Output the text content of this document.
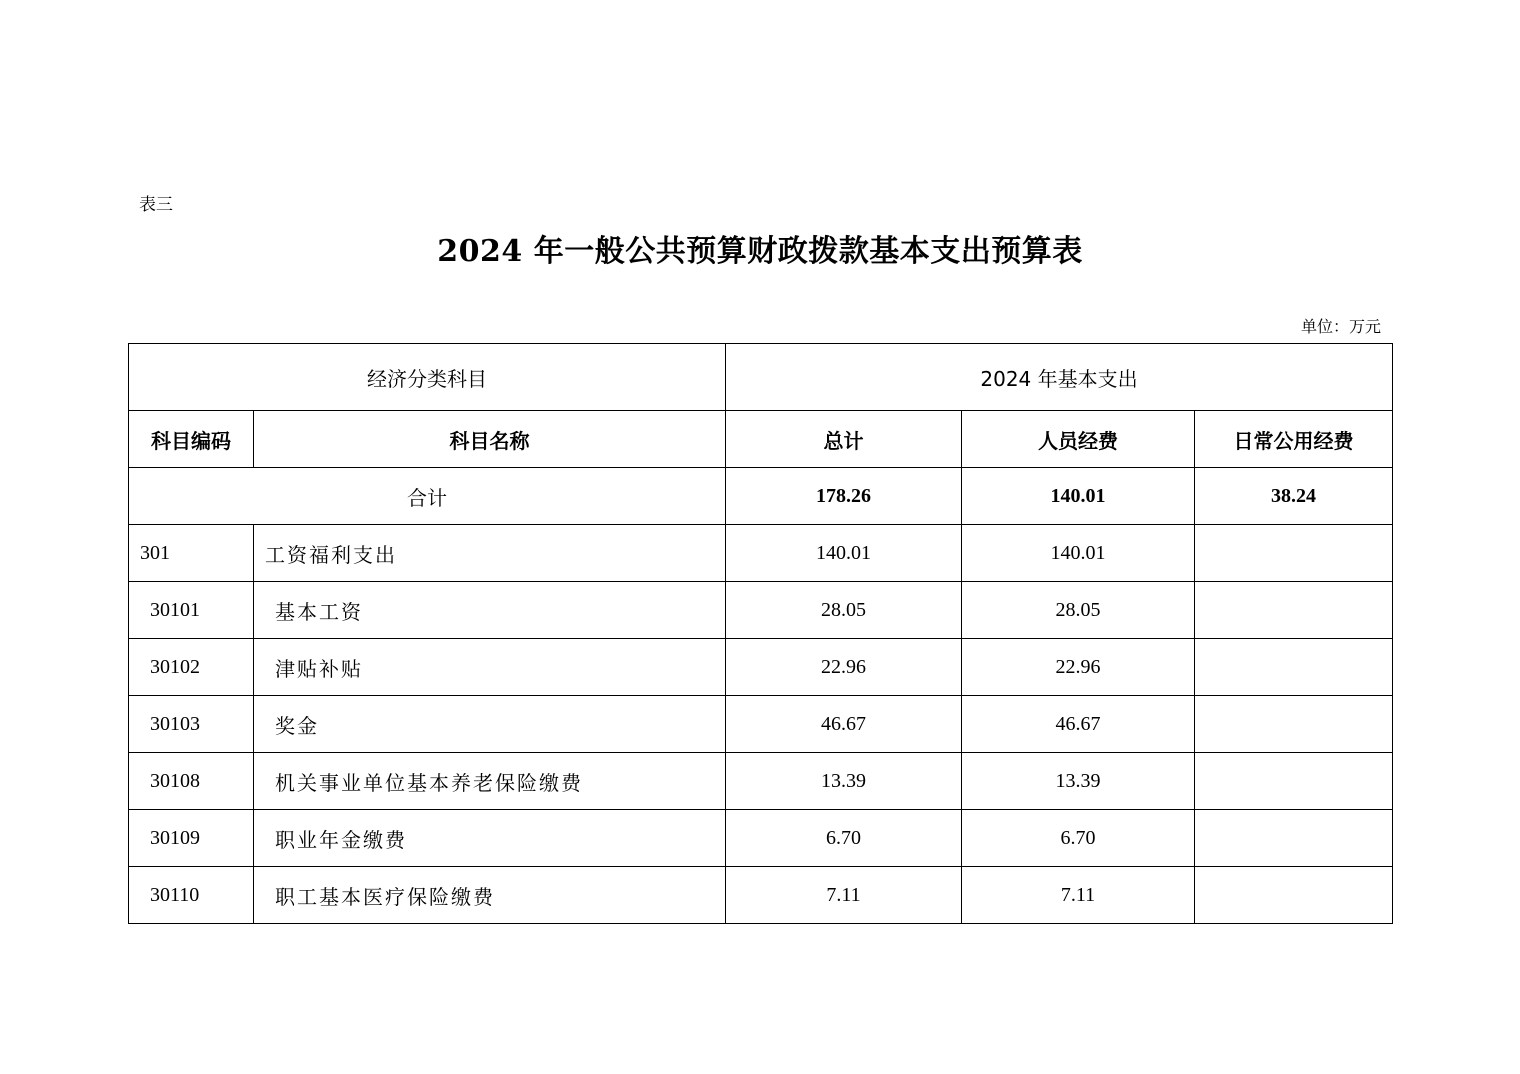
表三
2024 年一般公共预算财政拨款基本支出预算表
单位：万元
经济分类科目		2024 年基本支出		
科目编码	科目名称	总计	人员经费	日常公用经费
合计		178.26	140.01	38.24
301	工资福利支出	140.01	140.01	
30101	基本工资	28.05	28.05	
30102	津贴补贴	22.96	22.96	
30103	奖金	46.67	46.67	
30108	机关事业单位基本养老保险缴费	13.39	13.39	
30109	职业年金缴费	6.70	6.70	
30110	职工基本医疗保险缴费	7.11	7.11	
